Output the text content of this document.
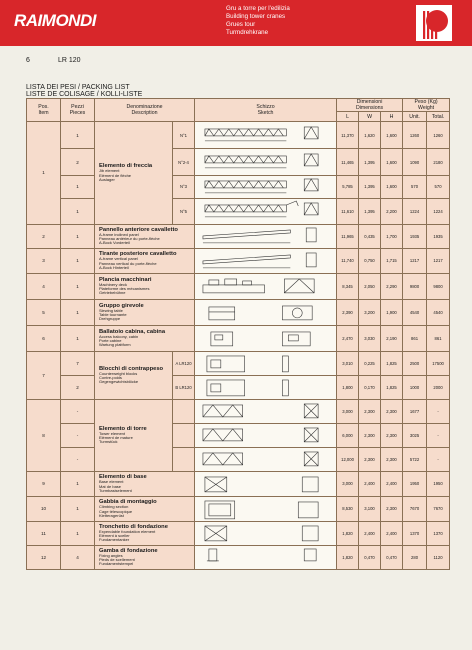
RAIMONDI
Gru a torre per l'edilizia
Building tower cranes
Grues tour
Turmdrehkrane
6	LR 120
LISTA DEI PESI / PACKING LIST
LISTE DE COLISAGE / KOLLI-LISTE
Pos.
Item	Pezzi
Pieces	Denominazione
Description		Schizzo
Sketch	Dimensioni
Dimensions			Peso (Kg)
Weight	
					L	W	H	Unit.	Total.
1	1	Elemento di freccia
Jib element
Elément de flèche
Auslager	N°1		11,370	1,620	1,600	1260	1260
	2		N°2-4		11,465	1,395	1,600	1090	2180
	1		N°3		5,785	1,395	1,600	570	570
	1		N°5		11,610	1,395	2,200	1224	1224
2	1	Pannello anteriore cavalletto
A-frame inclined panel
Panneau antérieur du porte-flèche
A-Bock Vorderteil			11,965	0,435	1,700	1935	1935
3	1	Tirante posteriore cavalletto
A-frame vertical panel
Panneau vertical du porte-flèche
A-Bock Hinterteil			11,740	0,750	1,715	1217	1217
4	1	Plancia macchinari
Machinery deck
Plateforme des mécanismes
Getriebebühne			8,345	2,050	2,290	9800	9800
5	1	Gruppo girevole
Slewing table
Table tournante
Drehgruppe			2,390	3,200	1,900	4540	4540
6	1	Ballatoio cabina, cabina
Access balcony, cabin
Porte cabine
Wartung plattform			2,470	3,030	2,190	861	861
7	7	Blocchi di contrappeso
Counterweight blocks
Contre-poids
Gegengewichtsblöcke	A LR120		3,010	0,225	1,825	2500	17500
	2		B LR120		1,800	0,170	1,825	1000	2000
8	-	Elemento di torre
Tower element
Elément de mature
Turmstück			3,000	2,300	2,300	1677	-
	-				6,000	2,300	2,300	3025	-
	-				12,000	2,300	2,300	5722	-
9	1	Elemento di base
Base element
Mat de base
Turmbasiselement			3,000	2,400	2,400	1950	1950
10	1	Gabbia di montaggio
Climbing section
Cage télescopique
Kletteragerüst			8,530	3,100	2,300	7670	7670
11	1	Tronchetto di fondazione
Expendable foundation element
Elément à sceller
Fundamentanker			1,820	2,400	2,400	1370	1370
12	4	Gamba di fondazione
Fixing angles
Pieds de scellement
Fundamentstempel			1,820	0,470	0,470	280	1120
